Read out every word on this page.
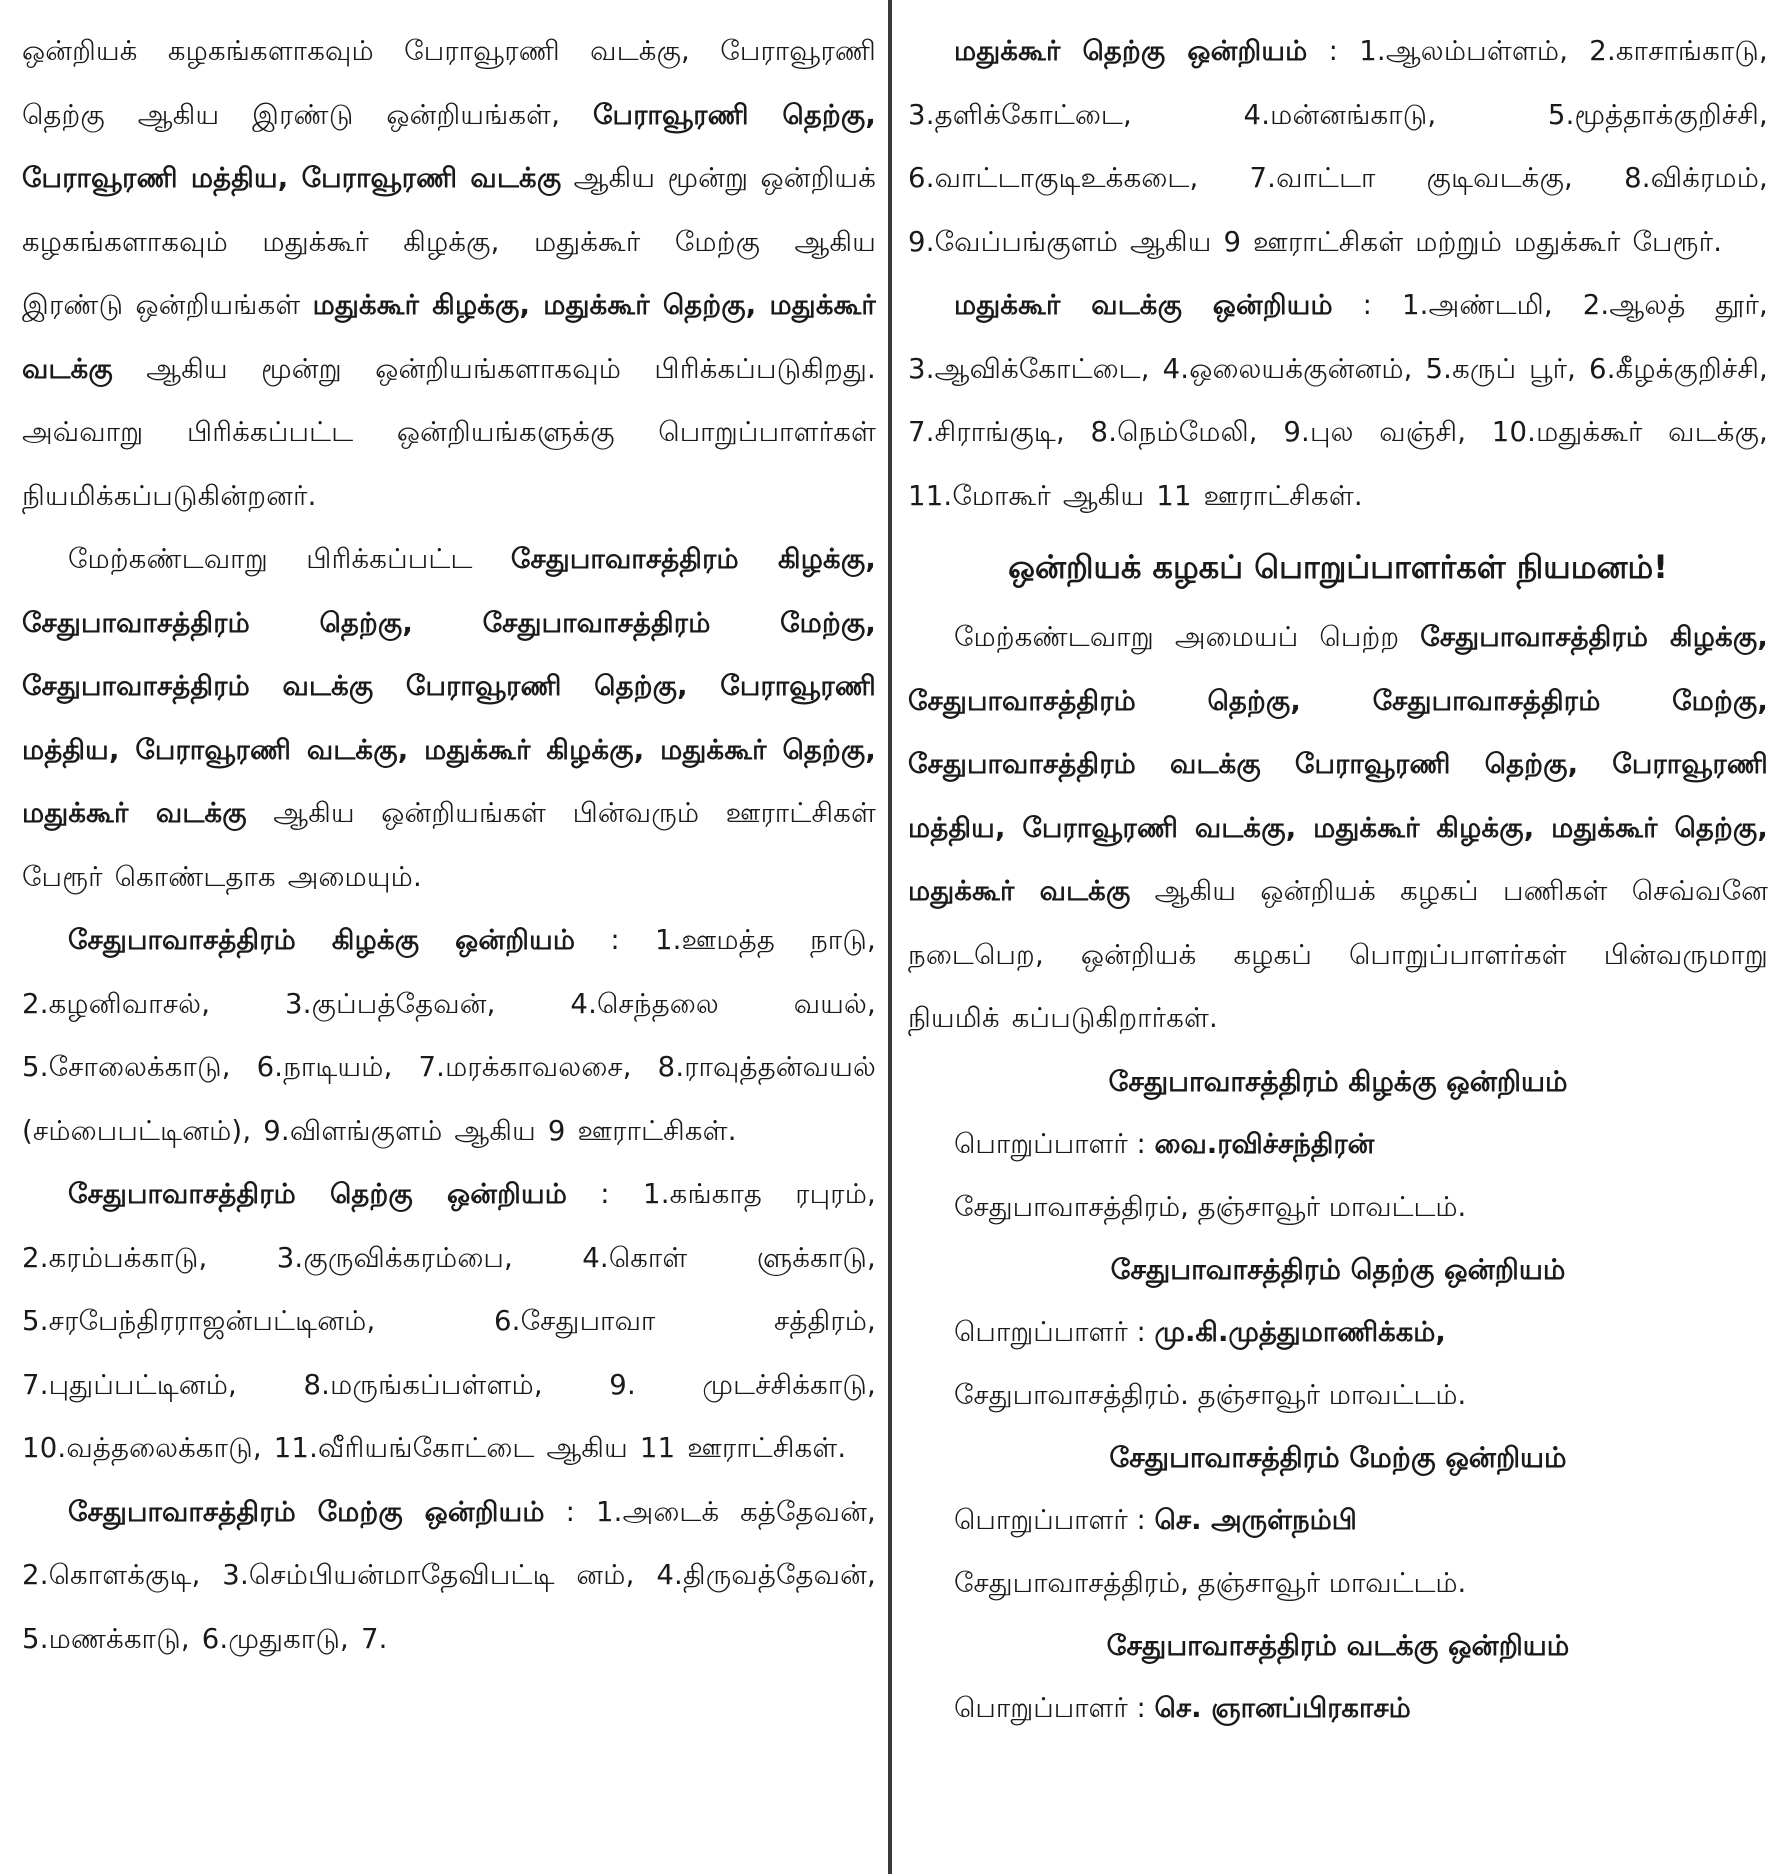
ஒன்றியக் கழகங்களாகவும் பேராவூரணி வடக்கு, பேராவூரணி தெற்கு ஆகிய இரண்டு ஒன்றியங்கள், பேராவூரணி தெற்கு, பேராவூரணி மத்திய, பேராவூரணி வடக்கு ஆகிய மூன்று ஒன்றியக் கழகங்களாகவும் மதுக்கூர் கிழக்கு, மதுக்கூர் மேற்கு ஆகிய இரண்டு ஒன்றியங்கள் மதுக்கூர் கிழக்கு, மதுக்கூர் தெற்கு, மதுக்கூர் வடக்கு ஆகிய மூன்று ஒன்றியங்களாகவும் பிரிக்கப்படுகிறது. அவ்வாறு பிரிக்கப்பட்ட ஒன்றியங்களுக்கு பொறுப்பாளர்கள் நியமிக்கப்படுகின்றனர்.

மேற்கண்டவாறு பிரிக்கப்பட்ட சேதுபாவாசத்திரம் கிழக்கு, சேதுபாவாசத்திரம் தெற்கு, சேதுபாவாசத்திரம் மேற்கு, சேதுபாவாசத்திரம் வடக்கு பேராவூரணி தெற்கு, பேராவூரணி மத்திய, பேராவூரணி வடக்கு, மதுக்கூர் கிழக்கு, மதுக்கூர் தெற்கு, மதுக்கூர் வடக்கு ஆகிய ஒன்றியங்கள் பின்வரும் ஊராட்சிகள் பேரூர் கொண்டதாக அமையும்.

சேதுபாவாசத்திரம் கிழக்கு ஒன்றியம் : 1.ஊமத்த நாடு, 2.கழனிவாசல், 3.குப்பத்தேவன், 4.செந்தலை வயல், 5.சோலைக்காடு, 6.நாடியம், 7.மரக்காவலசை, 8.ராவுத்தன்வயல் (சம்பைபட்டினம்), 9.விளங்குளம் ஆகிய 9 ஊராட்சிகள்.

சேதுபாவாசத்திரம் தெற்கு ஒன்றியம் : 1.கங்காத ரபுரம், 2.கரம்பக்காடு, 3.குருவிக்கரம்பை, 4.கொள் ளுக்காடு, 5.சரபேந்திரராஜன்பட்டினம், 6.சேதுபாவா சத்திரம், 7.புதுப்பட்டினம், 8.மருங்கப்பள்ளம், 9. முடச்சிக்காடு, 10.வத்தலைக்காடு, 11.வீரியங்கோட்டை ஆகிய 11 ஊராட்சிகள்.

சேதுபாவாசத்திரம் மேற்கு ஒன்றியம் : 1.அடைக் கத்தேவன், 2.கொளக்குடி, 3.செம்பியன்மாதேவிபட்டி னம், 4.திருவத்தேவன், 5.மணக்காடு, 6.முதுகாடு, 7.

மதுக்கூர் தெற்கு ஒன்றியம் : 1.ஆலம்பள்ளம், 2.காசாங்காடு, 3.தளிக்கோட்டை, 4.மன்னங்காடு, 5.மூத்தாக்குறிச்சி, 6.வாட்டாகுடிஉக்கடை, 7.வாட்டா குடிவடக்கு, 8.விக்ரமம், 9.வேப்பங்குளம் ஆகிய 9 ஊராட்சிகள் மற்றும் மதுக்கூர் பேரூர்.

மதுக்கூர் வடக்கு ஒன்றியம் : 1.அண்டமி, 2.ஆலத் தூர், 3.ஆவிக்கோட்டை, 4.ஒலையக்குன்னம், 5.கருப் பூர், 6.கீழக்குறிச்சி, 7.சிராங்குடி, 8.நெம்மேலி, 9.புல வஞ்சி, 10.மதுக்கூர் வடக்கு, 11.மோகூர் ஆகிய 11 ஊராட்சிகள்.

ஒன்றியக் கழகப் பொறுப்பாளர்கள் நியமனம்!

மேற்கண்டவாறு அமையப் பெற்ற சேதுபாவாசத்திரம் கிழக்கு, சேதுபாவாசத்திரம் தெற்கு, சேதுபாவாசத்திரம் மேற்கு, சேதுபாவாசத்திரம் வடக்கு பேராவூரணி தெற்கு, பேராவூரணி மத்திய, பேராவூரணி வடக்கு, மதுக்கூர் கிழக்கு, மதுக்கூர் தெற்கு, மதுக்கூர் வடக்கு ஆகிய ஒன்றியக் கழகப் பணிகள் செவ்வனே நடைபெற, ஒன்றியக் கழகப் பொறுப்பாளர்கள் பின்வருமாறு நியமிக் கப்படுகிறார்கள்.

சேதுபாவாசத்திரம் கிழக்கு ஒன்றியம்
பொறுப்பாளர் : வை.ரவிச்சந்திரன்
சேதுபாவாசத்திரம், தஞ்சாவூர் மாவட்டம்.
சேதுபாவாசத்திரம் தெற்கு ஒன்றியம்
பொறுப்பாளர் : மு.கி.முத்துமாணிக்கம்,
சேதுபாவாசத்திரம். தஞ்சாவூர் மாவட்டம்.
சேதுபாவாசத்திரம் மேற்கு ஒன்றியம்
பொறுப்பாளர் : செ. அருள்நம்பி
சேதுபாவாசத்திரம், தஞ்சாவூர் மாவட்டம்.
சேதுபாவாசத்திரம் வடக்கு ஒன்றியம்
பொறுப்பாளர் : செ. ஞானப்பிரகாசம்
